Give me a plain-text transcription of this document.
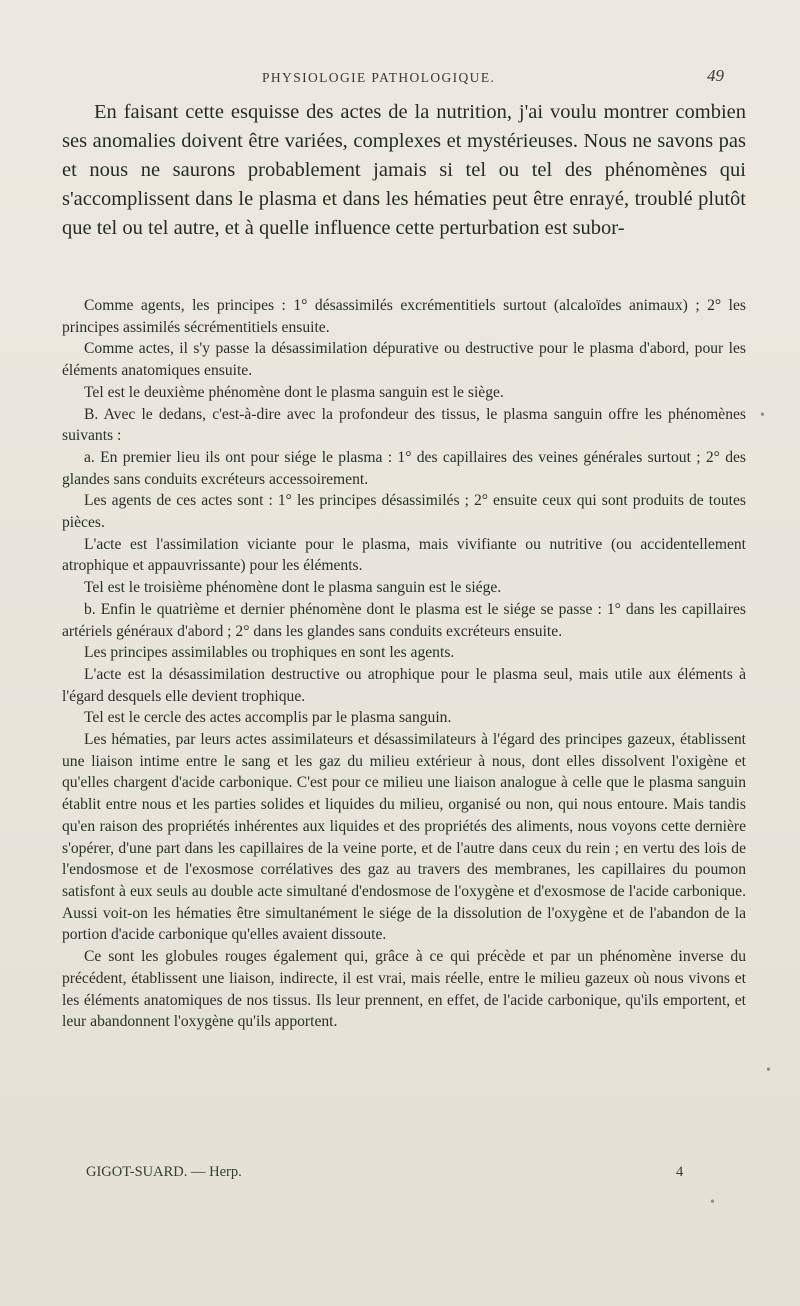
PHYSIOLOGIE PATHOLOGIQUE.	49

En faisant cette esquisse des actes de la nutrition, j'ai voulu montrer combien ses anomalies doivent être variées, complexes et mystérieuses. Nous ne savons pas et nous ne saurons probablement jamais si tel ou tel des phénomènes qui s'accomplissent dans le plasma et dans les hématies peut être enrayé, troublé plutôt que tel ou tel autre, et à quelle influence cette perturbation est subor-

Comme agents, les principes : 1° désassimilés excrémentitiels surtout (alcaloïdes animaux) ; 2° les principes assimilés sécrémentitiels ensuite.

Comme actes, il s'y passe la désassimilation dépurative ou destructive pour le plasma d'abord, pour les éléments anatomiques ensuite.

Tel est le deuxième phénomène dont le plasma sanguin est le siège.

B. Avec le dedans, c'est-à-dire avec la profondeur des tissus, le plasma sanguin offre les phénomènes suivants :

a. En premier lieu ils ont pour siége le plasma : 1° des capillaires des veines générales surtout ; 2° des glandes sans conduits excréteurs accessoirement.

Les agents de ces actes sont : 1° les principes désassimilés ; 2° ensuite ceux qui sont produits de toutes pièces.

L'acte est l'assimilation viciante pour le plasma, mais vivifiante ou nutritive (ou accidentellement atrophique et appauvrissante) pour les éléments.

Tel est le troisième phénomène dont le plasma sanguin est le siége.

b. Enfin le quatrième et dernier phénomène dont le plasma est le siége se passe : 1° dans les capillaires artériels généraux d'abord ; 2° dans les glandes sans conduits excréteurs ensuite.

Les principes assimilables ou trophiques en sont les agents.

L'acte est la désassimilation destructive ou atrophique pour le plasma seul, mais utile aux éléments à l'égard desquels elle devient trophique.

Tel est le cercle des actes accomplis par le plasma sanguin.

Les hématies, par leurs actes assimilateurs et désassimilateurs à l'égard des principes gazeux, établissent une liaison intime entre le sang et les gaz du milieu extérieur à nous, dont elles dissolvent l'oxigène et qu'elles chargent d'acide carbonique. C'est pour ce milieu une liaison analogue à celle que le plasma sanguin établit entre nous et les parties solides et liquides du milieu, organisé ou non, qui nous entoure. Mais tandis qu'en raison des propriétés inhérentes aux liquides et des propriétés des aliments, nous voyons cette dernière s'opérer, d'une part dans les capillaires de la veine porte, et de l'autre dans ceux du rein ; en vertu des lois de l'endosmose et de l'exosmose corrélatives des gaz au travers des membranes, les capillaires du poumon satisfont à eux seuls au double acte simultané d'endosmose de l'oxygène et d'exosmose de l'acide carbonique. Aussi voit-on les hématies être simultanément le siége de la dissolution de l'oxygène et de l'abandon de la portion d'acide carbonique qu'elles avaient dissoute.

Ce sont les globules rouges également qui, grâce à ce qui précède et par un phénomène inverse du précédent, établissent une liaison, indirecte, il est vrai, mais réelle, entre le milieu gazeux où nous vivons et les éléments anatomiques de nos tissus. Ils leur prennent, en effet, de l'acide carbonique, qu'ils emportent, et leur abandonnent l'oxygène qu'ils apportent.

GIGOT-SUARD. — Herp.	4
•
•
•
